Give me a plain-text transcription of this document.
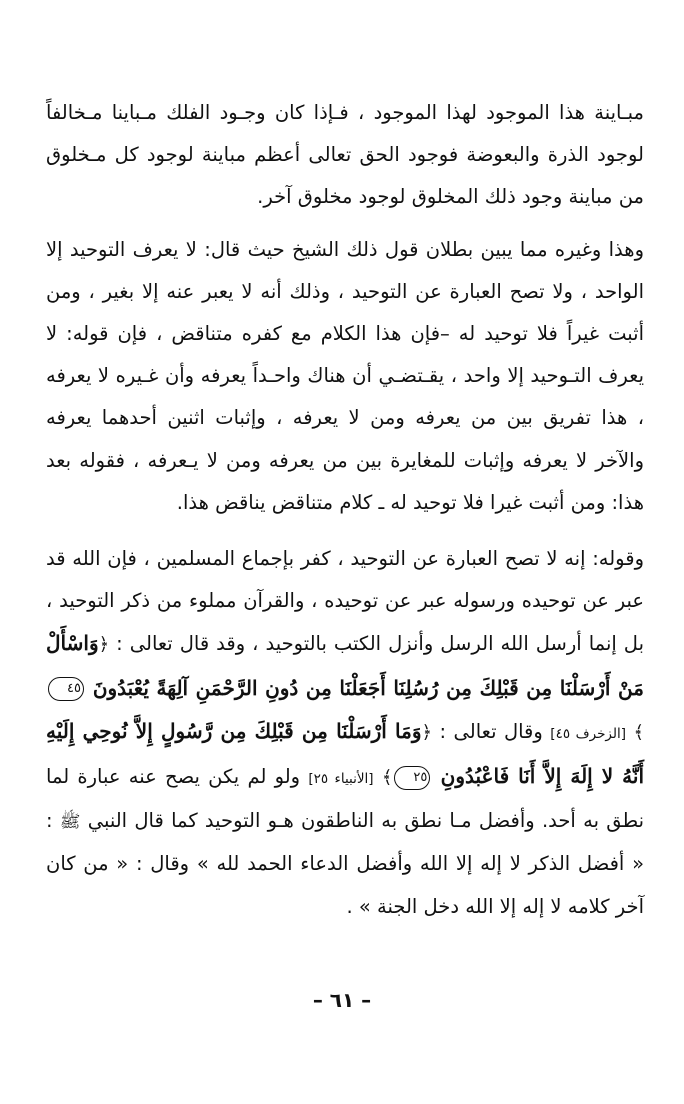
مبـاينة هذا الموجود لهذا الموجود ، فـإذا كان وجـود الفلك مـباينا مـخالفاً لوجود الذرة والبعوضة فوجود الحق تعالى أعظم مباينة لوجود كل مـخلوق من مباينة وجود ذلك المخلوق لوجود مخلوق آخر.

وهذا وغيره مما يبين بطلان قول ذلك الشيخ حيث قال: لا يعرف التوحيد إلا الواحد ، ولا تصح العبارة عن التوحيد ، وذلك أنه لا يعبر عنه إلا بغير ، ومن أثبت غيراً فلا توحيد له –فإن هذا الكلام مع كفره متناقض ، فإن قوله: لا يعرف التـوحيد إلا واحد ، يقـتضـي أن هناك واحـداً يعرفه وأن غـيره لا يعرفه ، هذا تفريق بين من يعرفه ومن لا يعرفه ، وإثبات اثنين أحدهما يعرفه والآخر لا يعرفه وإثبات للمغايرة بين من يعرفه ومن لا يـعرفه ، فقوله بعد هذا: ومن أثبت غيرا فلا توحيد له ـ كلام متناقض يناقض هذا.

وقوله: إنه لا تصح العبارة عن التوحيد ، كفر بإجماع المسلمين ، فإن الله قد عبر عن توحيده ورسوله عبر عن توحيده ، والقرآن مملوء من ذكر التوحيد ، بل إنما أرسل الله الرسل وأنزل الكتب بالتوحيد ، وقد قال تعالى : ﴿وَاسْأَلْ مَنْ أَرْسَلْنَا مِن قَبْلِكَ مِن رُسُلِنَا أَجَعَلْنَا مِن دُونِ الرَّحْمَنِ آلِهَةً يُعْبَدُونَ ٤٥﴾ [الزخرف ٤٥] وقال تعالى : ﴿وَمَا أَرْسَلْنَا مِن قَبْلِكَ مِن رَّسُولٍ إِلاَّ نُوحِي إِلَيْهِ أَنَّهُ لا إِلَهَ إِلاَّ أَنَا فَاعْبُدُونِ ٢٥﴾ [الأنبياء ٢٥] ولو لم يكن يصح عنه عبارة لما نطق به أحد. وأفضل مـا نطق به الناطقون هـو التوحيد كما قال النبي ﷺ : « أفضل الذكر لا إله إلا الله وأفضل الدعاء الحمد لله » وقال : « من كان آخر كلامه لا إله إلا الله دخل الجنة » .

– ٦١ –
